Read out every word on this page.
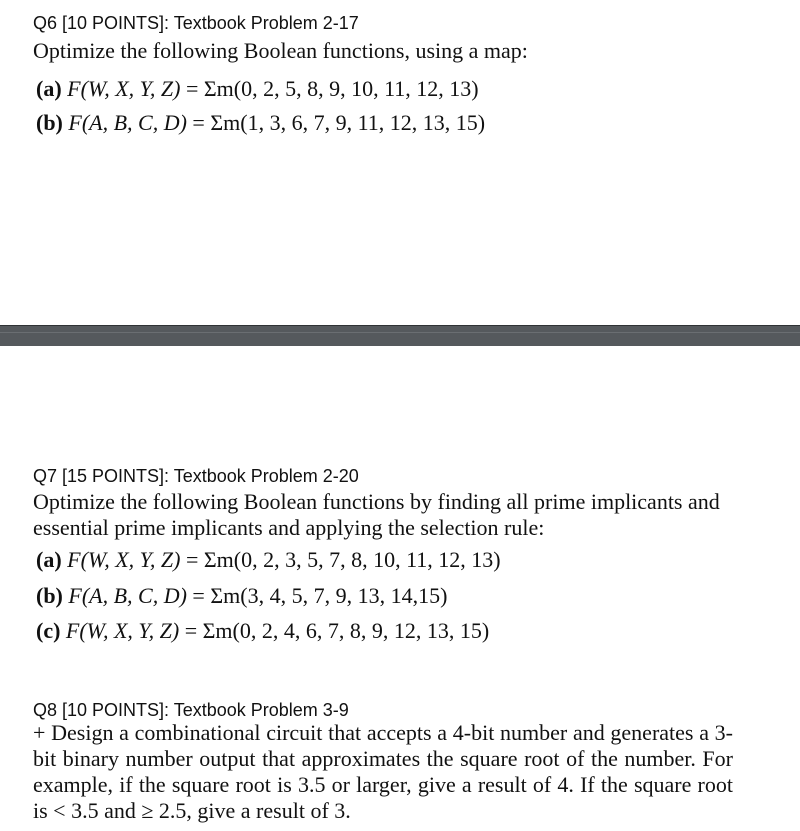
Q6 [10 POINTS]: Textbook Problem 2-17
Optimize the following Boolean functions, using a map:
(a) F(W, X, Y, Z) = Σm(0, 2, 5, 8, 9, 10, 11, 12, 13)
(b) F(A, B, C, D) = Σm(1, 3, 6, 7, 9, 11, 12, 13, 15)
Q7 [15 POINTS]: Textbook Problem 2-20
Optimize the following Boolean functions by finding all prime implicants and
essential prime implicants and applying the selection rule:
(a) F(W, X, Y, Z) = Σm(0, 2, 3, 5, 7, 8, 10, 11, 12, 13)
(b) F(A, B, C, D) = Σm(3, 4, 5, 7, 9, 13, 14,15)
(c) F(W, X, Y, Z) = Σm(0, 2, 4, 6, 7, 8, 9, 12, 13, 15)
Q8 [10 POINTS]: Textbook Problem 3-9
+ Design a combinational circuit that accepts a 4-bit number and generates a 3-bit binary number output that approximates the square root of the number. For example, if the square root is 3.5 or larger, give a result of 4. If the square root is < 3.5 and ≥ 2.5, give a result of 3.
